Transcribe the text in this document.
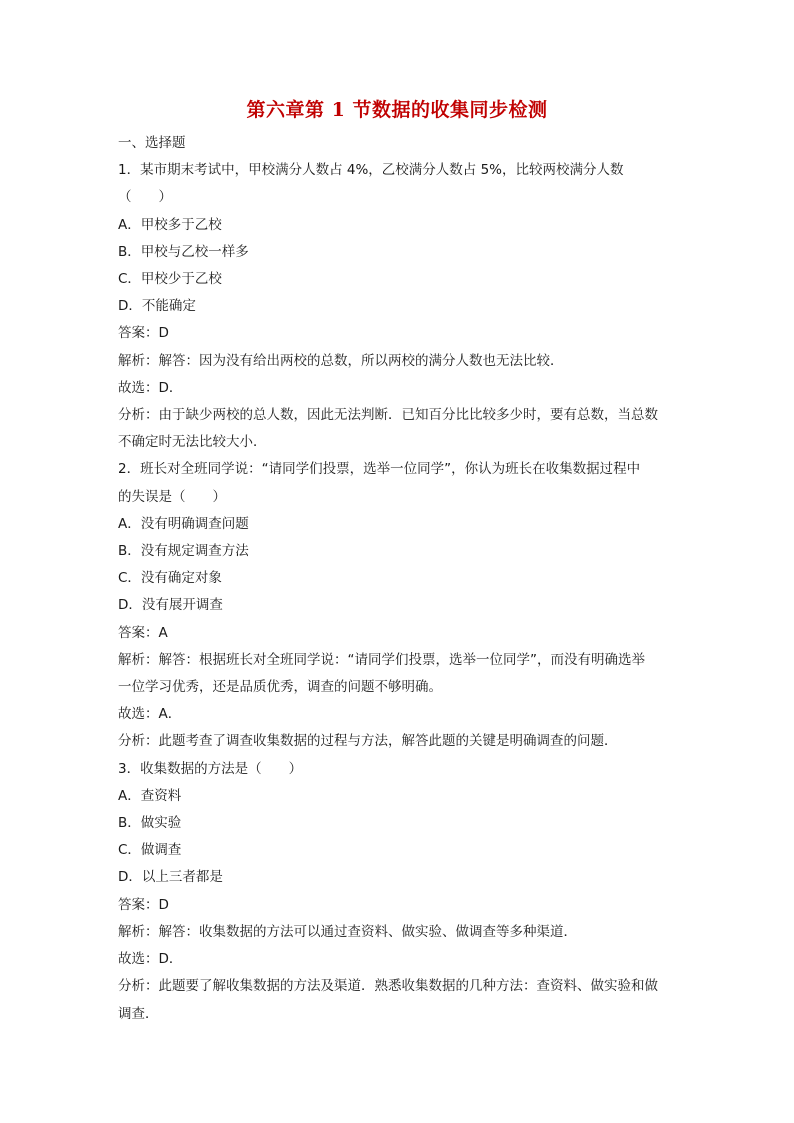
第六章第 1 节数据的收集同步检测
一、选择题
1．某市期末考试中，甲校满分人数占 4%，乙校满分人数占 5%，比较两校满分人数
（　　）
A．甲校多于乙校
B．甲校与乙校一样多
C．甲校少于乙校
D．不能确定
答案：D
解析：解答：因为没有给出两校的总数，所以两校的满分人数也无法比较．
故选：D．
分析：由于缺少两校的总人数，因此无法判断．已知百分比比较多少时，要有总数，当总数
不确定时无法比较大小．
2．班长对全班同学说：“请同学们投票，选举一位同学”，你认为班长在收集数据过程中
的失误是（　　）
A．没有明确调查问题
B．没有规定调查方法
C．没有确定对象
D．没有展开调查
答案：A
解析：解答：根据班长对全班同学说：“请同学们投票，选举一位同学”，而没有明确选举
一位学习优秀，还是品质优秀，调查的问题不够明确。
故选：A．
分析：此题考查了调查收集数据的过程与方法，解答此题的关键是明确调查的问题．
3．收集数据的方法是（　　）
A．查资料
B．做实验
C．做调查
D．以上三者都是
答案：D
解析：解答：收集数据的方法可以通过查资料、做实验、做调查等多种渠道．
故选：D．
分析：此题要了解收集数据的方法及渠道．熟悉收集数据的几种方法：查资料、做实验和做
调查．
